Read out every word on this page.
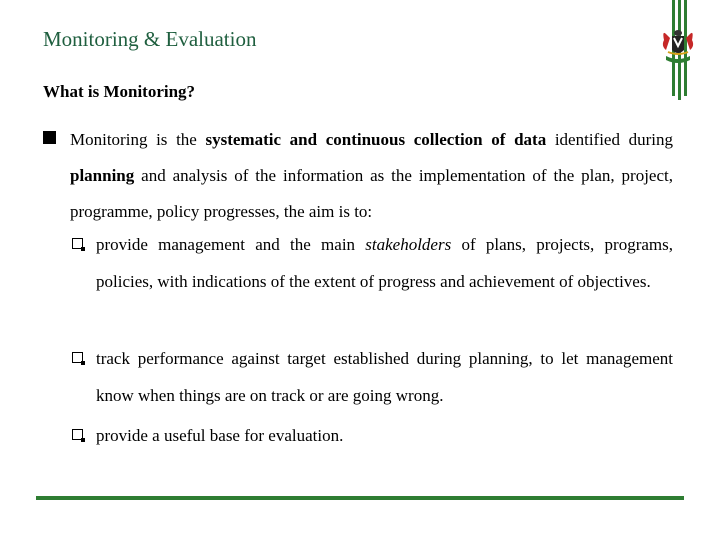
Monitoring & Evaluation
What is Monitoring?
Monitoring is the systematic and continuous collection of data identified during planning and analysis of the information as the implementation of the plan, project, programme, policy progresses, the aim is to:
provide management and the main stakeholders of plans, projects, programs, policies, with indications of the extent of progress and achievement of objectives.
track performance against target established during planning, to let management know when things are on track or are going wrong.
provide a useful base for evaluation.
